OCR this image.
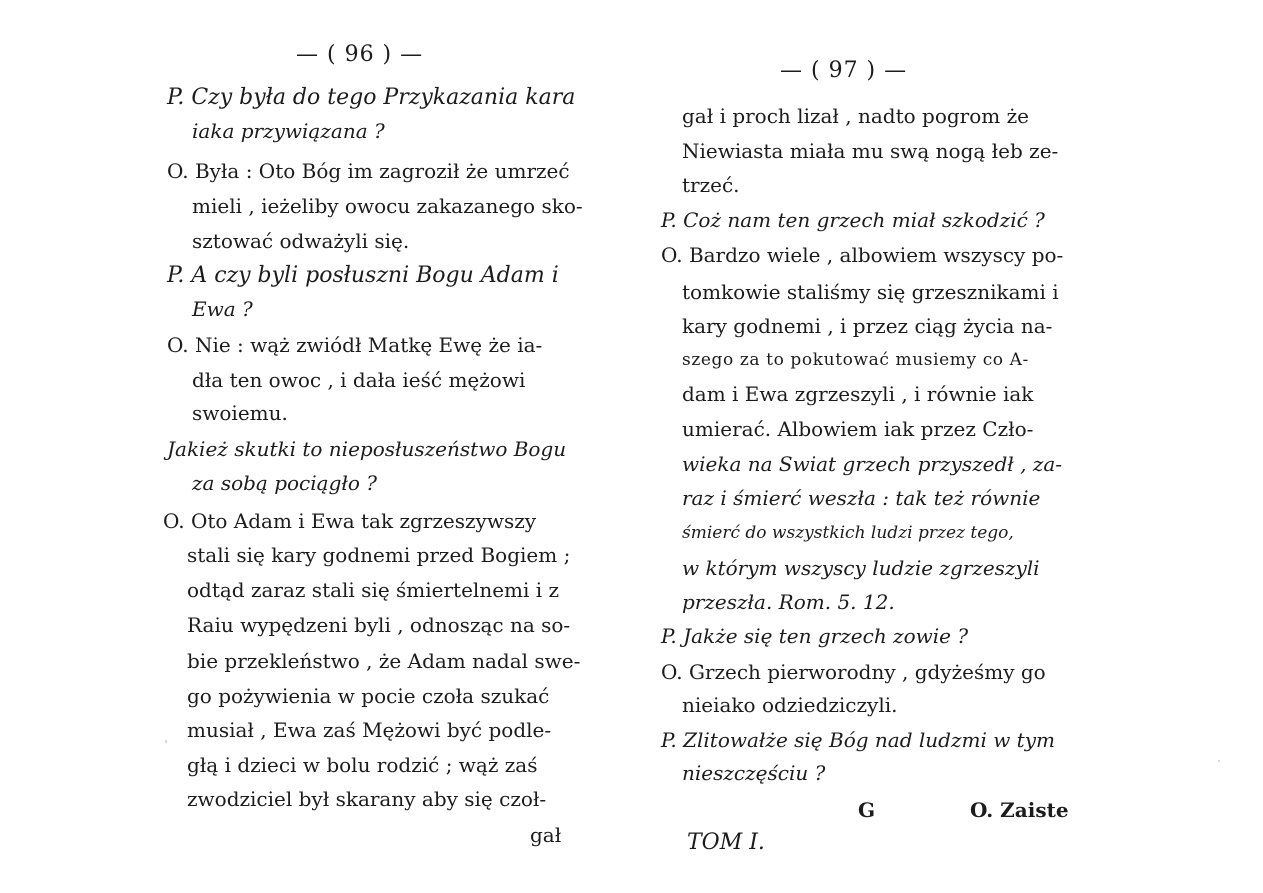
— ( 96 ) —
P. Czy była do tego Przykazania kara
iaka przywiązana ?
O. Była : Oto Bóg im zagroził że umrzeć
mieli , ieżeliby owocu zakazanego sko-
sztować odważyli się.
P. A czy byli posłuszni Bogu Adam i
Ewa ?
O. Nie : wąż zwiódł Matkę Ewę że ia-
dła ten owoc , i dała ieść mężowi
swoiemu.
Jakież skutki to nieposłuszeństwo Bogu
za sobą pociągło ?
O. Oto Adam i Ewa tak zgrzeszywszy
stali się kary godnemi przed Bogiem ;
odtąd zaraz stali się śmiertelnemi i z
Raiu wypędzeni byli , odnosząc na so-
bie przekleństwo , że Adam nadal swe-
go pożywienia w pocie czoła szukać
musiał , Ewa zaś Mężowi być podle-
głą i dzieci w bolu rodzić ; wąż zaś
zwodziciel był skarany aby się czoł-
gał
— ( 97 ) —
gał i proch lizał , nadto pogrom że
Niewiasta miała mu swą nogą łeb ze-
trzeć.
P. Coż nam ten grzech miał szkodzić ?
O. Bardzo wiele , albowiem wszyscy po-
tomkowie staliśmy się grzesznikami i
kary godnemi , i przez ciąg życia na-
szego za to pokutować musiemy co A-
dam i Ewa zgrzeszyli , i równie iak
umierać. Albowiem iak przez Czło-
wieka na Swiat grzech przyszedł , za-
raz i śmierć weszła : tak też równie
śmierć do wszystkich ludzi przez tego,
w którym wszyscy ludzie zgrzeszyli
przeszła. Rom. 5. 12.
P. Jakże się ten grzech zowie ?
O. Grzech pierworodny , gdyżeśmy go
nieiako odziedziczyli.
P. Zlitowałże się Bóg nad ludzmi w tym
nieszczęściu ?
G	O. Zaiste
TOM I.
